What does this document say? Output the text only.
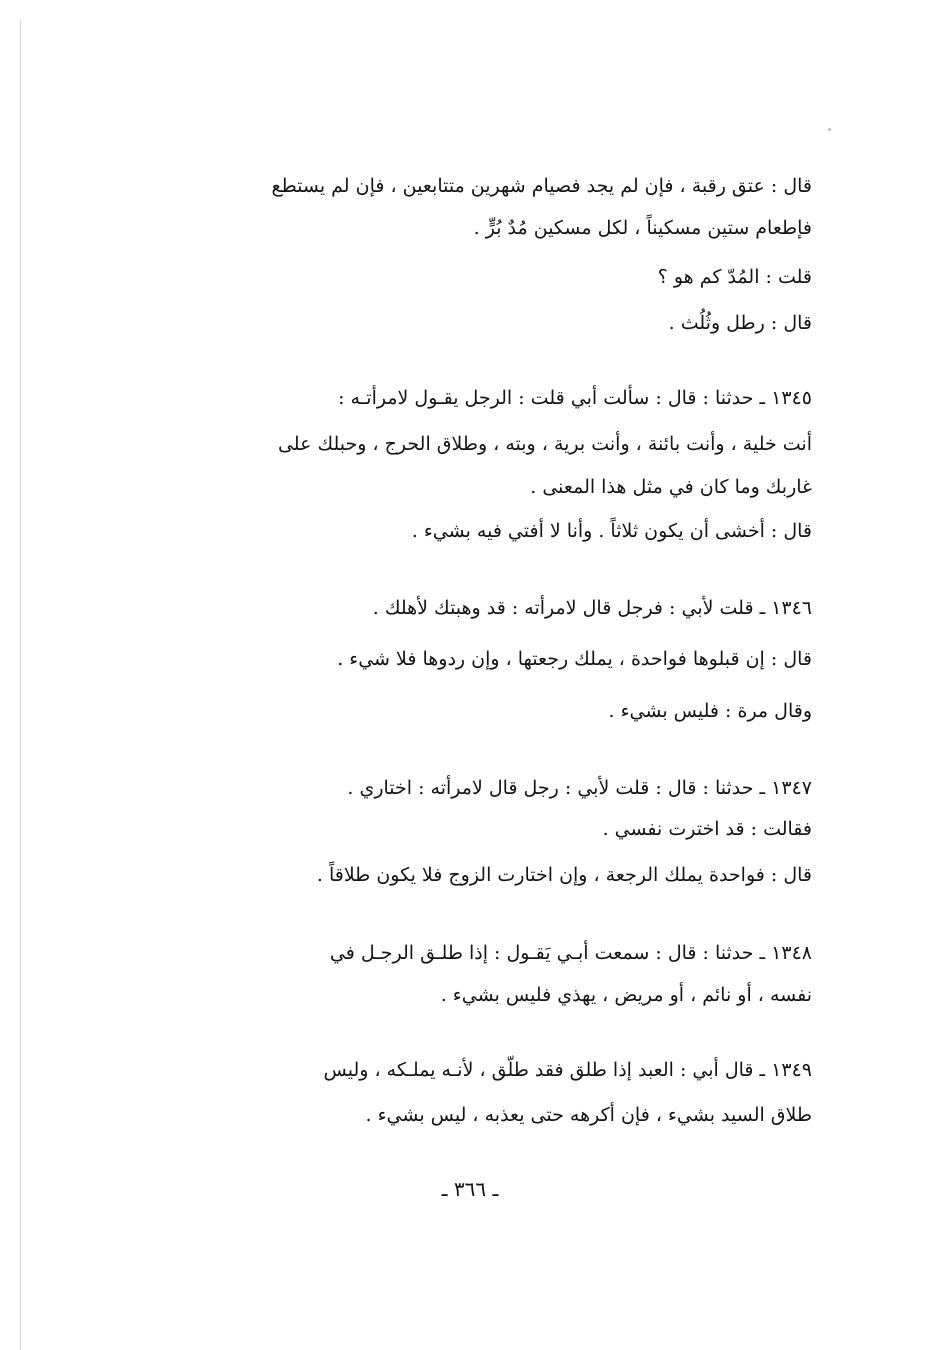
قال : عتق رقبة ، فإن لم يجد فصيام شهرين متتابعين ، فإن لم يستطع
فإطعام ستين مسكيناً ، لكل مسكين مُدٌ بُرٍّ .
قلت : المُدّ كم هو ؟
قال : رطل وثُلُث .
١٣٤٥ ـ حدثنا : قال : سألت أبي قلت : الرجل يقـول لامرأتـه :
أنت خلية ، وأنت بائنة ، وأنت برية ، وبته ، وطلاق الحرج ، وحبلك على
غاربك وما كان في مثل هذا المعنى .
قال : أخشى أن يكون ثلاثاً . وأنا لا أفتي فيه بشيء .
١٣٤٦ ـ قلت لأبي : فرجل قال لامرأته : قد وهبتك لأهلك .
قال : إن قبلوها فواحدة ، يملك رجعتها ، وإن ردوها فلا شيء .
وقال مرة : فليس بشيء .
١٣٤٧ ـ حدثنا : قال : قلت لأبي : رجل قال لامرأته : اختاري .
فقالت : قد اخترت نفسي .
قال : فواحدة يملك الرجعة ، وإن اختارت الزوج فلا يكون طلاقاً .
١٣٤٨ ـ حدثنا : قال : سمعت أبـي يَقـول : إذا طلـق الرجـل في
نفسه ، أو نائم ، أو مريض ، يهذي فليس بشيء .
١٣٤٩ ـ قال أبي : العبد إذا طلق فقد طلّق ، لأنـه يملـكه ، وليس
طلاق السيد بشيء ، فإن أكرهه حتى يعذبه ، ليس بشيء .
ـ ٣٦٦ ـ
